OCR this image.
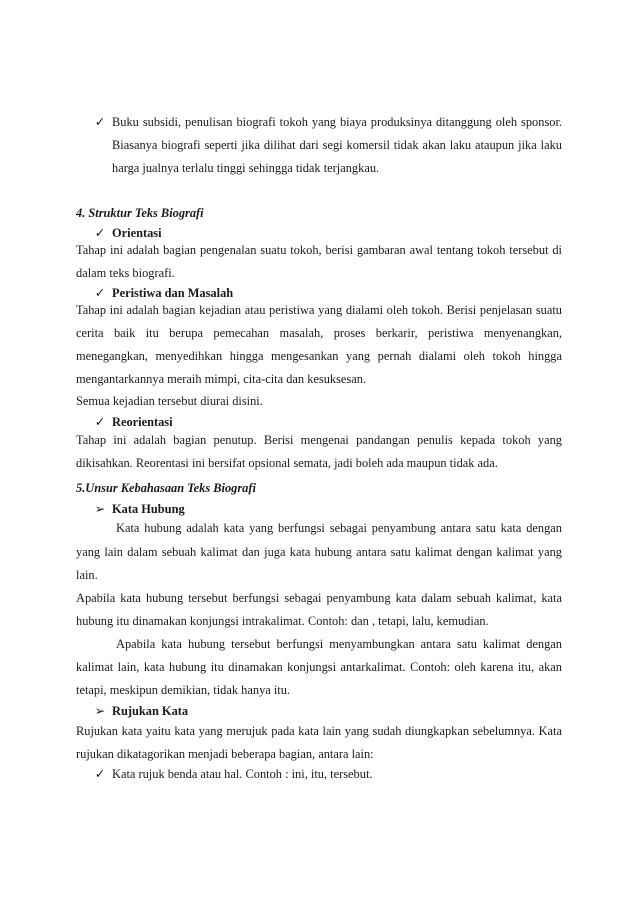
✓ Buku subsidi, penulisan biografi tokoh yang biaya produksinya ditanggung oleh sponsor.
Biasanya biografi seperti jika dilihat dari segi komersil tidak akan laku ataupun jika laku
harga jualnya terlalu tinggi sehingga tidak terjangkau.
4. Struktur Teks Biografi
✓ Orientasi
Tahap ini adalah bagian pengenalan suatu tokoh, berisi gambaran awal tentang tokoh tersebut di
dalam teks biografi.
✓ Peristiwa dan Masalah
Tahap ini adalah bagian kejadian atau peristiwa yang dialami oleh tokoh. Berisi penjelasan suatu
cerita baik itu berupa pemecahan masalah, proses berkarir, peristiwa menyenangkan,
menegangkan, menyedihkan hingga mengesankan yang pernah dialami oleh tokoh hingga
mengantarkannya meraih mimpi, cita-cita dan kesuksesan.
Semua kejadian tersebut diurai disini.
✓ Reorientasi
Tahap ini adalah bagian penutup. Berisi mengenai pandangan penulis kepada tokoh yang
dikisahkan. Reorentasi ini bersifat opsional semata, jadi boleh ada maupun tidak ada.
5.Unsur Kebahasaan Teks Biografi
➢ Kata Hubung
Kata hubung adalah kata yang berfungsi sebagai penyambung antara satu kata dengan
yang lain dalam sebuah kalimat dan juga kata hubung antara satu kalimat dengan kalimat yang
lain.
Apabila kata hubung tersebut berfungsi sebagai penyambung kata dalam sebuah kalimat, kata
hubung itu dinamakan konjungsi intrakalimat. Contoh: dan , tetapi, lalu, kemudian.
Apabila kata hubung tersebut berfungsi menyambungkan antara satu kalimat dengan
kalimat lain, kata hubung itu dinamakan konjungsi antarkalimat. Contoh: oleh karena itu, akan
tetapi, meskipun demikian, tidak hanya itu.
➢ Rujukan Kata
Rujukan kata yaitu kata yang merujuk pada kata lain yang sudah diungkapkan sebelumnya. Kata
rujukan dikatagorikan menjadi beberapa bagian, antara lain:
✓ Kata rujuk benda atau hal. Contoh : ini, itu, tersebut.
